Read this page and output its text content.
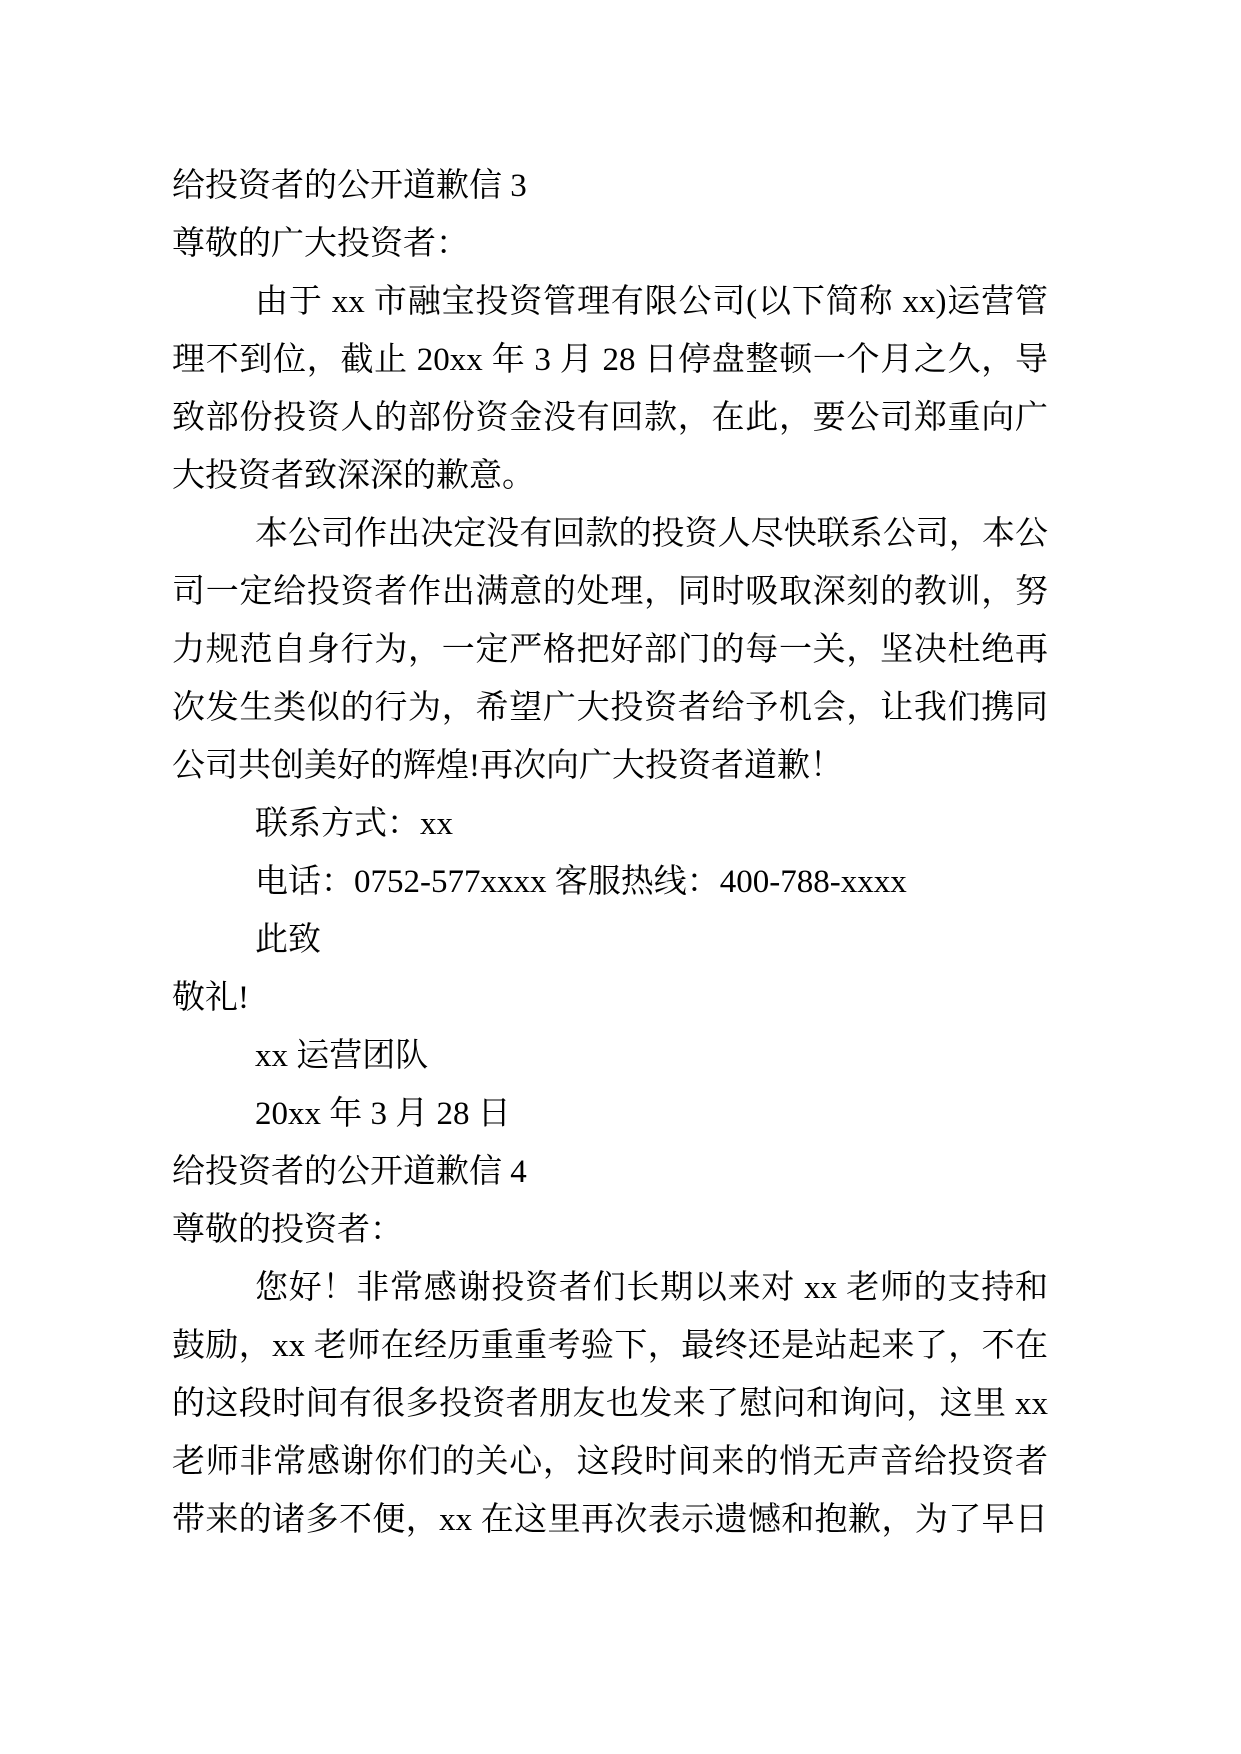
给投资者的公开道歉信 3

尊敬的广大投资者：

由于 xx 市融宝投资管理有限公司(以下简称 xx)运营管

理不到位，截止 20xx 年 3 月 28 日停盘整顿一个月之久，导

致部份投资人的部份资金没有回款，在此，要公司郑重向广

大投资者致深深的歉意。

本公司作出决定没有回款的投资人尽快联系公司，本公

司一定给投资者作出满意的处理，同时吸取深刻的教训，努

力规范自身行为，一定严格把好部门的每一关，坚决杜绝再

次发生类似的行为，希望广大投资者给予机会，让我们携同

公司共创美好的辉煌!再次向广大投资者道歉！

联系方式：xx

电话：0752-577xxxx 客服热线：400-788-xxxx

此致

敬礼!

xx 运营团队

20xx 年 3 月 28 日

给投资者的公开道歉信 4

尊敬的投资者：

您好！非常感谢投资者们长期以来对 xx 老师的支持和

鼓励，xx 老师在经历重重考验下，最终还是站起来了，不在

的这段时间有很多投资者朋友也发来了慰问和询问，这里 xx

老师非常感谢你们的关心，这段时间来的悄无声音给投资者

带来的诸多不便，xx 在这里再次表示遗憾和抱歉，为了早日
